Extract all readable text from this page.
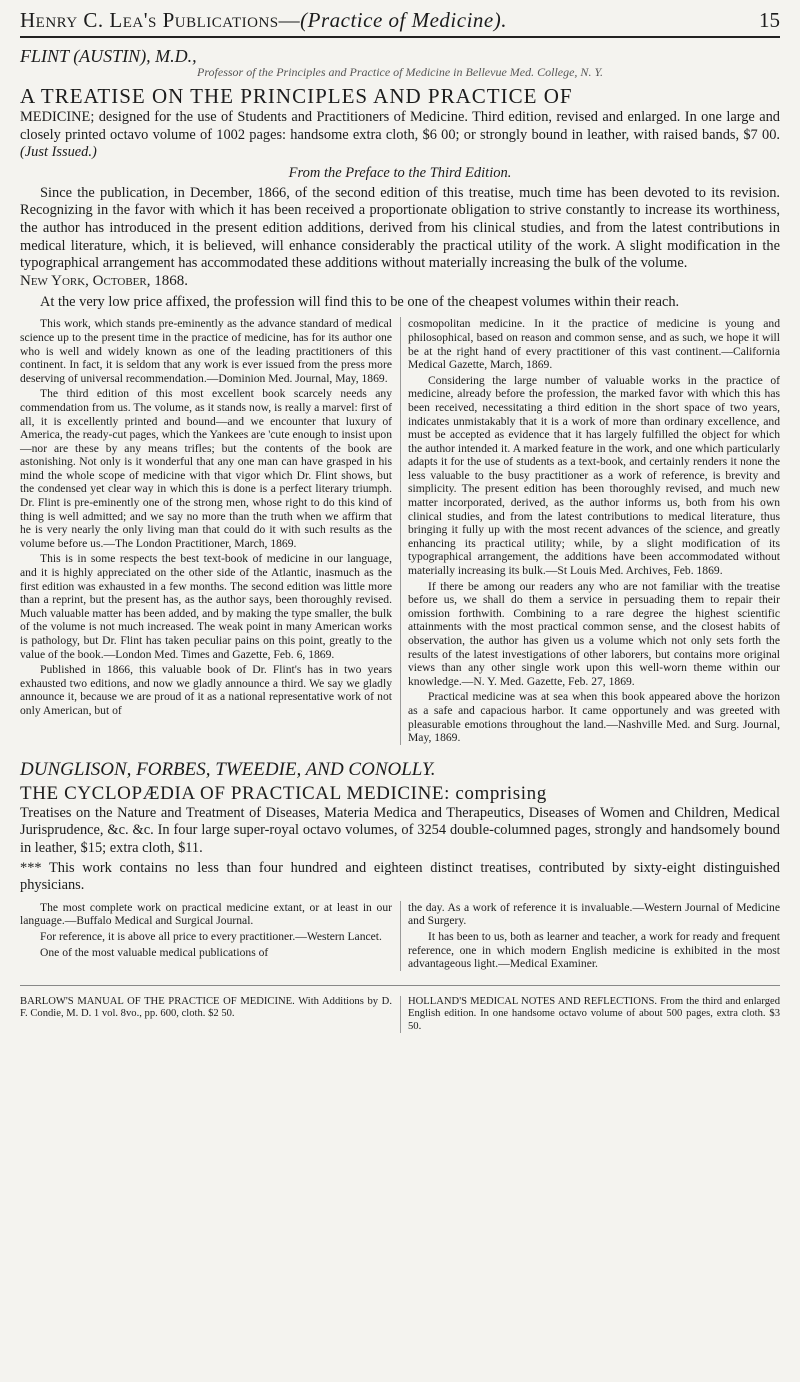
Henry C. Lea's Publications—(Practice of Medicine).	15
FLINT (AUSTIN), M.D.,
Professor of the Principles and Practice of Medicine in Bellevue Med. College, N. Y.
A TREATISE ON THE PRINCIPLES AND PRACTICE OF

MEDICINE; designed for the use of Students and Practitioners of Medicine. Third edition, revised and enlarged. In one large and closely printed octavo volume of 1002 pages: handsome extra cloth, $6 00; or strongly bound in leather, with raised bands, $7 00. (Just Issued.)

From the Preface to the Third Edition.

Since the publication, in December, 1866, of the second edition of this treatise, much time has been devoted to its revision. Recognizing in the favor with which it has been received a proportionate obligation to strive constantly to increase its worthiness, the author has introduced in the present edition additions, derived from his clinical studies, and from the latest contributions in medical literature, which, it is believed, will enhance considerably the practical utility of the work. A slight modification in the typographical arrangement has accommodated these additions without materially increasing the bulk of the volume.

New York, October, 1868.

At the very low price affixed, the profession will find this to be one of the cheapest volumes within their reach.

This work, which stands pre-eminently as the advance standard of medical science up to the present time in the practice of medicine, has for its author one who is well and widely known as one of the leading practitioners of this continent. In fact, it is seldom that any work is ever issued from the press more deserving of universal recommendation.—Dominion Med. Journal, May, 1869.

The third edition of this most excellent book scarcely needs any commendation from us. The volume, as it stands now, is really a marvel: first of all, it is excellently printed and bound—and we encounter that luxury of America, the ready-cut pages, which the Yankees are 'cute enough to insist upon—nor are these by any means trifles; but the contents of the book are astonishing. Not only is it wonderful that any one man can have grasped in his mind the whole scope of medicine with that vigor which Dr. Flint shows, but the condensed yet clear way in which this is done is a perfect literary triumph. Dr. Flint is pre-eminently one of the strong men, whose right to do this kind of thing is well admitted; and we say no more than the truth when we affirm that he is very nearly the only living man that could do it with such results as the volume before us.—The London Practitioner, March, 1869.

This is in some respects the best text-book of medicine in our language, and it is highly appreciated on the other side of the Atlantic, inasmuch as the first edition was exhausted in a few months. The second edition was little more than a reprint, but the present has, as the author says, been thoroughly revised. Much valuable matter has been added, and by making the type smaller, the bulk of the volume is not much increased. The weak point in many American works is pathology, but Dr. Flint has taken peculiar pains on this point, greatly to the value of the book.—London Med. Times and Gazette, Feb. 6, 1869.

Published in 1866, this valuable book of Dr. Flint's has in two years exhausted two editions, and now we gladly announce a third. We say we gladly announce it, because we are proud of it as a national representative work of not only American, but of

cosmopolitan medicine. In it the practice of medicine is young and philosophical, based on reason and common sense, and as such, we hope it will be at the right hand of every practitioner of this vast continent.—California Medical Gazette, March, 1869.

Considering the large number of valuable works in the practice of medicine, already before the profession, the marked favor with which this has been received, necessitating a third edition in the short space of two years, indicates unmistakably that it is a work of more than ordinary excellence, and must be accepted as evidence that it has largely fulfilled the object for which the author intended it. A marked feature in the work, and one which particularly adapts it for the use of students as a text-book, and certainly renders it none the less valuable to the busy practitioner as a work of reference, is brevity and simplicity. The present edition has been thoroughly revised, and much new matter incorporated, derived, as the author informs us, both from his own clinical studies, and from the latest contributions to medical literature, thus bringing it fully up with the most recent advances of the science, and greatly enhancing its practical utility; while, by a slight modification of its typographical arrangement, the additions have been accommodated without materially increasing its bulk.—St Louis Med. Archives, Feb. 1869.

If there be among our readers any who are not familiar with the treatise before us, we shall do them a service in persuading them to repair their omission forthwith. Combining to a rare degree the highest scientific attainments with the most practical common sense, and the closest habits of observation, the author has given us a volume which not only sets forth the results of the latest investigations of other laborers, but contains more original views than any other single work upon this well-worn theme within our knowledge.—N. Y. Med. Gazette, Feb. 27, 1869.

Practical medicine was at sea when this book appeared above the horizon as a safe and capacious harbor. It came opportunely and was greeted with pleasurable emotions throughout the land.—Nashville Med. and Surg. Journal, May, 1869.

DUNGLISON, FORBES, TWEEDIE, AND CONOLLY.
THE CYCLOPÆDIA OF PRACTICAL MEDICINE: comprising

Treatises on the Nature and Treatment of Diseases, Materia Medica and Therapeutics, Diseases of Women and Children, Medical Jurisprudence, &c. &c. In four large super-royal octavo volumes, of 3254 double-columned pages, strongly and handsomely bound in leather, $15; extra cloth, $11.

*** This work contains no less than four hundred and eighteen distinct treatises, contributed by sixty-eight distinguished physicians.

The most complete work on practical medicine extant, or at least in our language.—Buffalo Medical and Surgical Journal.

For reference, it is above all price to every practitioner.—Western Lancet.

One of the most valuable medical publications of

the day. As a work of reference it is invaluable.—Western Journal of Medicine and Surgery.

It has been to us, both as learner and teacher, a work for ready and frequent reference, one in which modern English medicine is exhibited in the most advantageous light.—Medical Examiner.

BARLOW'S MANUAL OF THE PRACTICE OF MEDICINE. With Additions by D. F. Condie, M. D. 1 vol. 8vo., pp. 600, cloth. $2 50.

HOLLAND'S MEDICAL NOTES AND REFLECTIONS. From the third and enlarged English edition. In one handsome octavo volume of about 500 pages, extra cloth. $3 50.
